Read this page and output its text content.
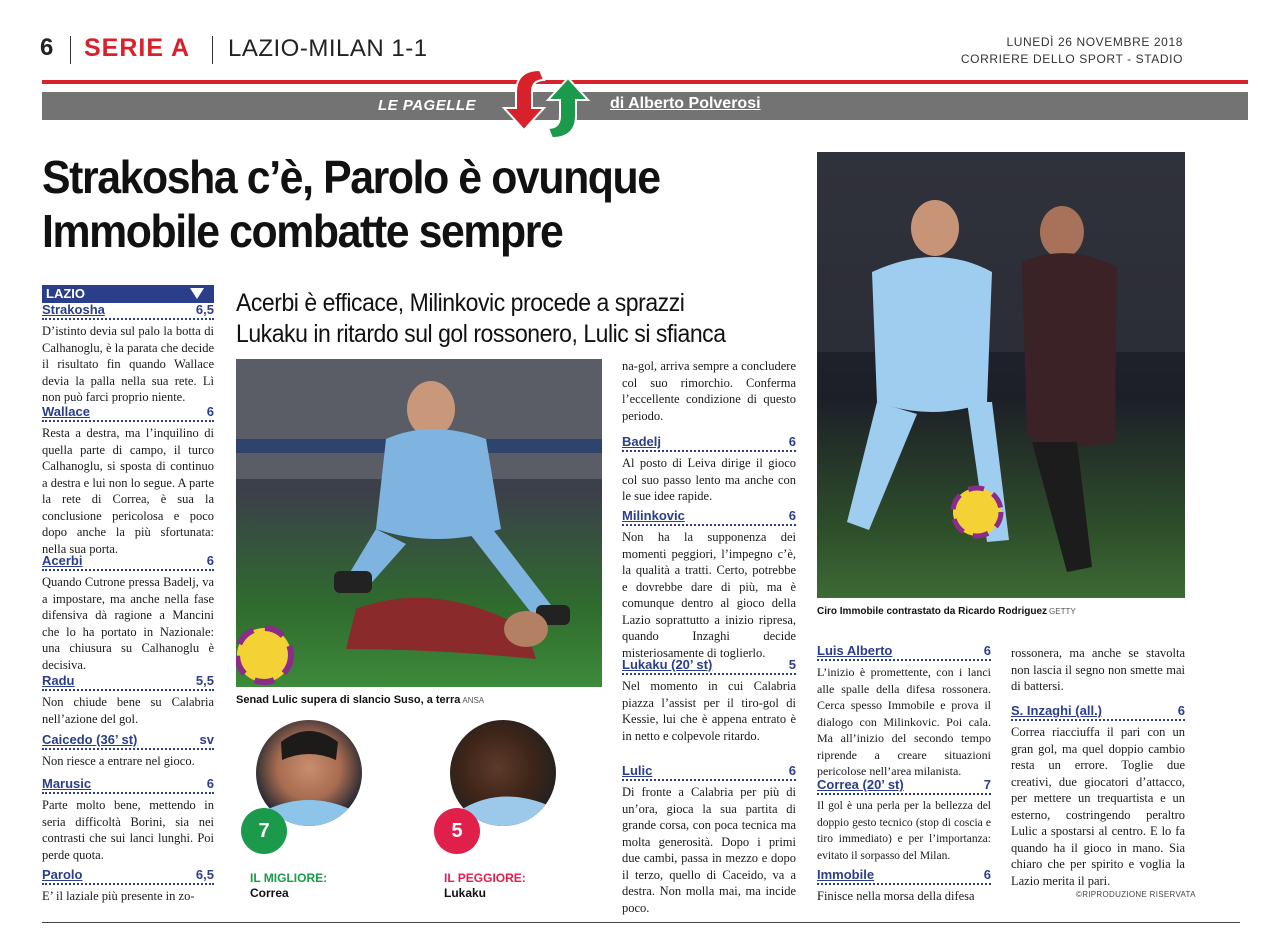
6 SERIE A LAZIO-MILAN 1-1	LUNEDÌ 26 NOVEMBRE 2018
CORRIERE DELLO SPORT - STADIO
LE PAGELLE	di Alberto Polverosi
Strakosha c’è, Parolo è ovunque
Immobile combatte sempre
Acerbi è efficace, Milinkovic procede a sprazzi
Lukaku in ritardo sul gol rossonero, Lulic si sfianca
LAZIO
Strakosha	6,5
D’istinto devia sul palo la botta di Calhanoglu, è la parata che decide il risultato fin quando Wallace devia la palla nella sua rete. Lì non può farci proprio niente.
Wallace	6
Resta a destra, ma l’inquilino di quella parte di campo, il turco Calhanoglu, si sposta di continuo a destra e lui non lo segue. A parte la rete di Correa, è sua la conclusione pericolosa e poco dopo anche la più sfortunata: nella sua porta.
Acerbi	6
Quando Cutrone pressa Badelj, va a impostare, ma anche nella fase difensiva dà ragione a Mancini che lo ha portato in Nazionale: una chiusura su Calhanoglu è decisiva.
Radu	5,5
Non chiude bene su Calabria nell’azione del gol.
Caicedo (36’ st)	sv
Non riesce a entrare nel gioco.
Marusic	6
Parte molto bene, mettendo in seria difficoltà Borini, sia nei contrasti che sui lanci lunghi. Poi perde quota.
Parolo	6,5
E’ il laziale più presente in zo-
Senad Lulic supera di slancio Suso, a terra ANSA
7
IL MIGLIORE:
Correa
5
IL PEGGIORE:
Lukaku
na-gol, arriva sempre a concludere col suo rimorchio. Conferma l’eccellente condizione di questo periodo.
Badelj	6
Al posto di Leiva dirige il gioco col suo passo lento ma anche con le sue idee rapide.
Milinkovic	6
Non ha la supponenza dei momenti peggiori, l’impegno c’è, la qualità a tratti. Certo, potrebbe e dovrebbe dare di più, ma è comunque dentro al gioco della Lazio soprattutto a inizio ripresa, quando Inzaghi decide misteriosamente di toglierlo.
Lukaku (20’ st)	5
Nel momento in cui Calabria piazza l’assist per il tiro-gol di Kessie, lui che è appena entrato è in netto e colpevole ritardo.
Lulic	6
Di fronte a Calabria per più di un’ora, gioca la sua partita di grande corsa, con poca tecnica ma molta generosità. Dopo i primi due cambi, passa in mezzo e dopo il terzo, quello di Caceido, va a destra. Non molla mai, ma incide poco.
Ciro Immobile contrastato da Ricardo Rodriguez GETTY
Luis Alberto	6
L’inizio è promettente, con i lanci alle spalle della difesa rossonera. Cerca spesso Immobile e prova il dialogo con Milinkovic. Poi cala. Ma all’inizio del secondo tempo riprende a creare situazioni pericolose nell’area milanista.
Correa (20’ st)	7
Il gol è una perla per la bellezza del doppio gesto tecnico (stop di coscia e tiro immediato) e per l’importanza: evitato il sorpasso del Milan.
Immobile	6
Finisce nella morsa della difesa
rossonera, ma anche se stavolta non lascia il segno non smette mai di battersi.
S. Inzaghi (all.)	6
Correa riacciuffa il pari con un gran gol, ma quel doppio cambio resta un errore. Toglie due creativi, due giocatori d’attacco, per mettere un trequartista e un esterno, costringendo peraltro Lulic a spostarsi al centro. E lo fa quando ha il gioco in mano. Sia chiaro che per spirito e voglia la Lazio merita il pari.
©RIPRODUZIONE RISERVATA
